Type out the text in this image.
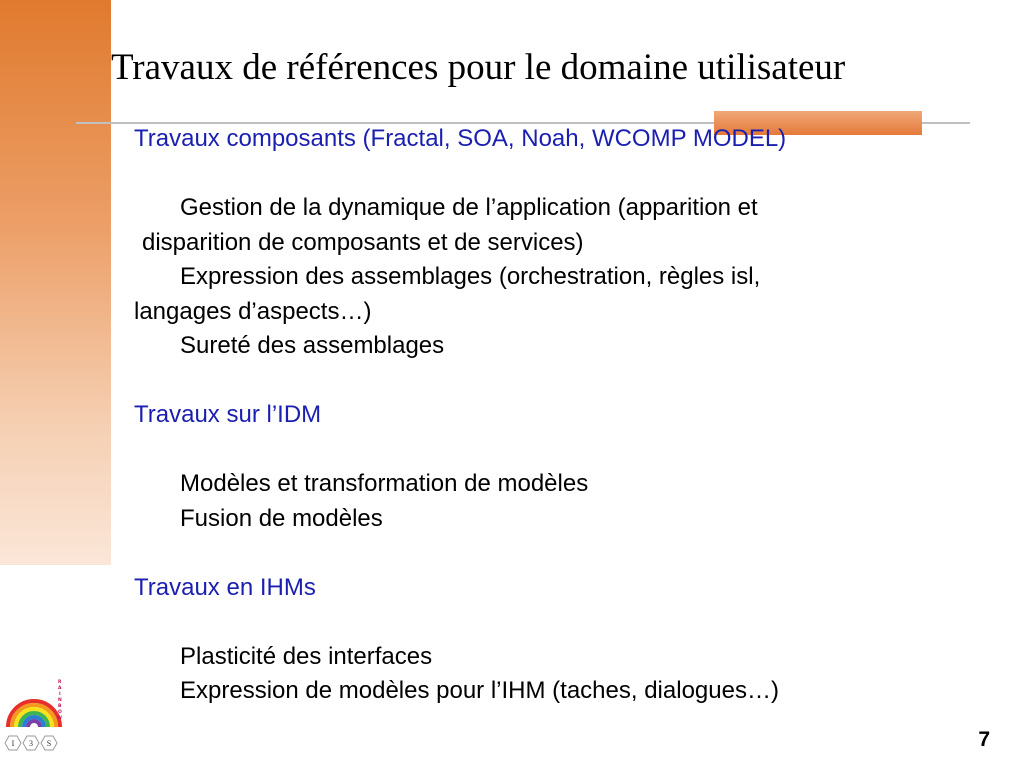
Travaux de références pour le domaine utilisateur
Travaux composants (Fractal, SOA, Noah, WCOMP MODEL)
Gestion de la dynamique de l’application (apparition et
disparition de composants et de services)
Expression des assemblages (orchestration, règles isl,
langages d’aspects…)
Sureté des assemblages
Travaux sur l’IDM
Modèles et transformation de modèles
Fusion de modèles
Travaux en IHMs
Plasticité des interfaces
Expression de modèles pour l’IHM (taches, dialogues…)
R
A
I
N
B
O
W
I 3 S	7
